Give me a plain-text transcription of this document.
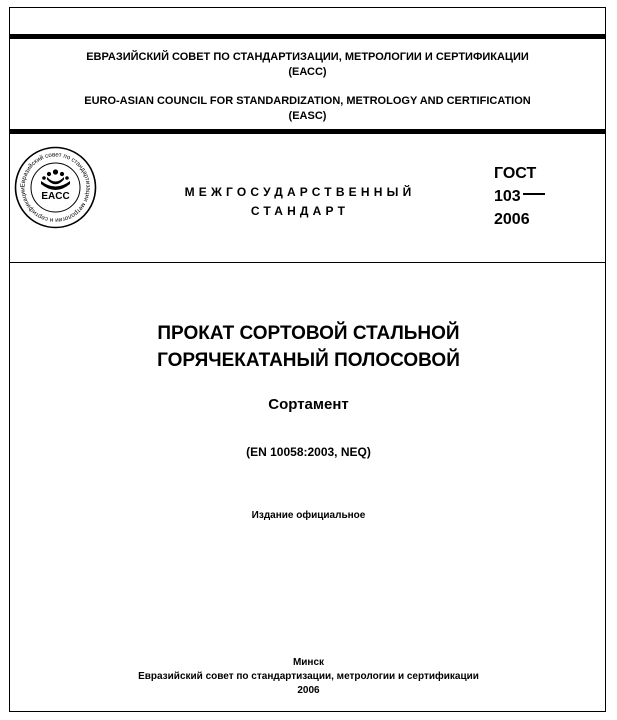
ЕВРАЗИЙСКИЙ СОВЕТ ПО СТАНДАРТИЗАЦИИ, МЕТРОЛОГИИ И СЕРТИФИКАЦИИ
(ЕАСС)
EURO-ASIAN COUNCIL FOR STANDARDIZATION, METROLOGY AND CERTIFICATION
(EASC)
Евразийский совет по стандартизации метрологии и сертификации
EACC	МЕЖГОСУДАРСТВЕННЫЙ
СТАНДАРТ
ГОСТ
103
2006
ПРОКАТ СОРТОВОЙ СТАЛЬНОЙ
ГОРЯЧЕКАТАНЫЙ ПОЛОСОВОЙ
Сортамент
(EN 10058:2003, NEQ)
Издание официальное
Минск
Евразийский совет по стандартизации, метрологии и сертификации
2006
